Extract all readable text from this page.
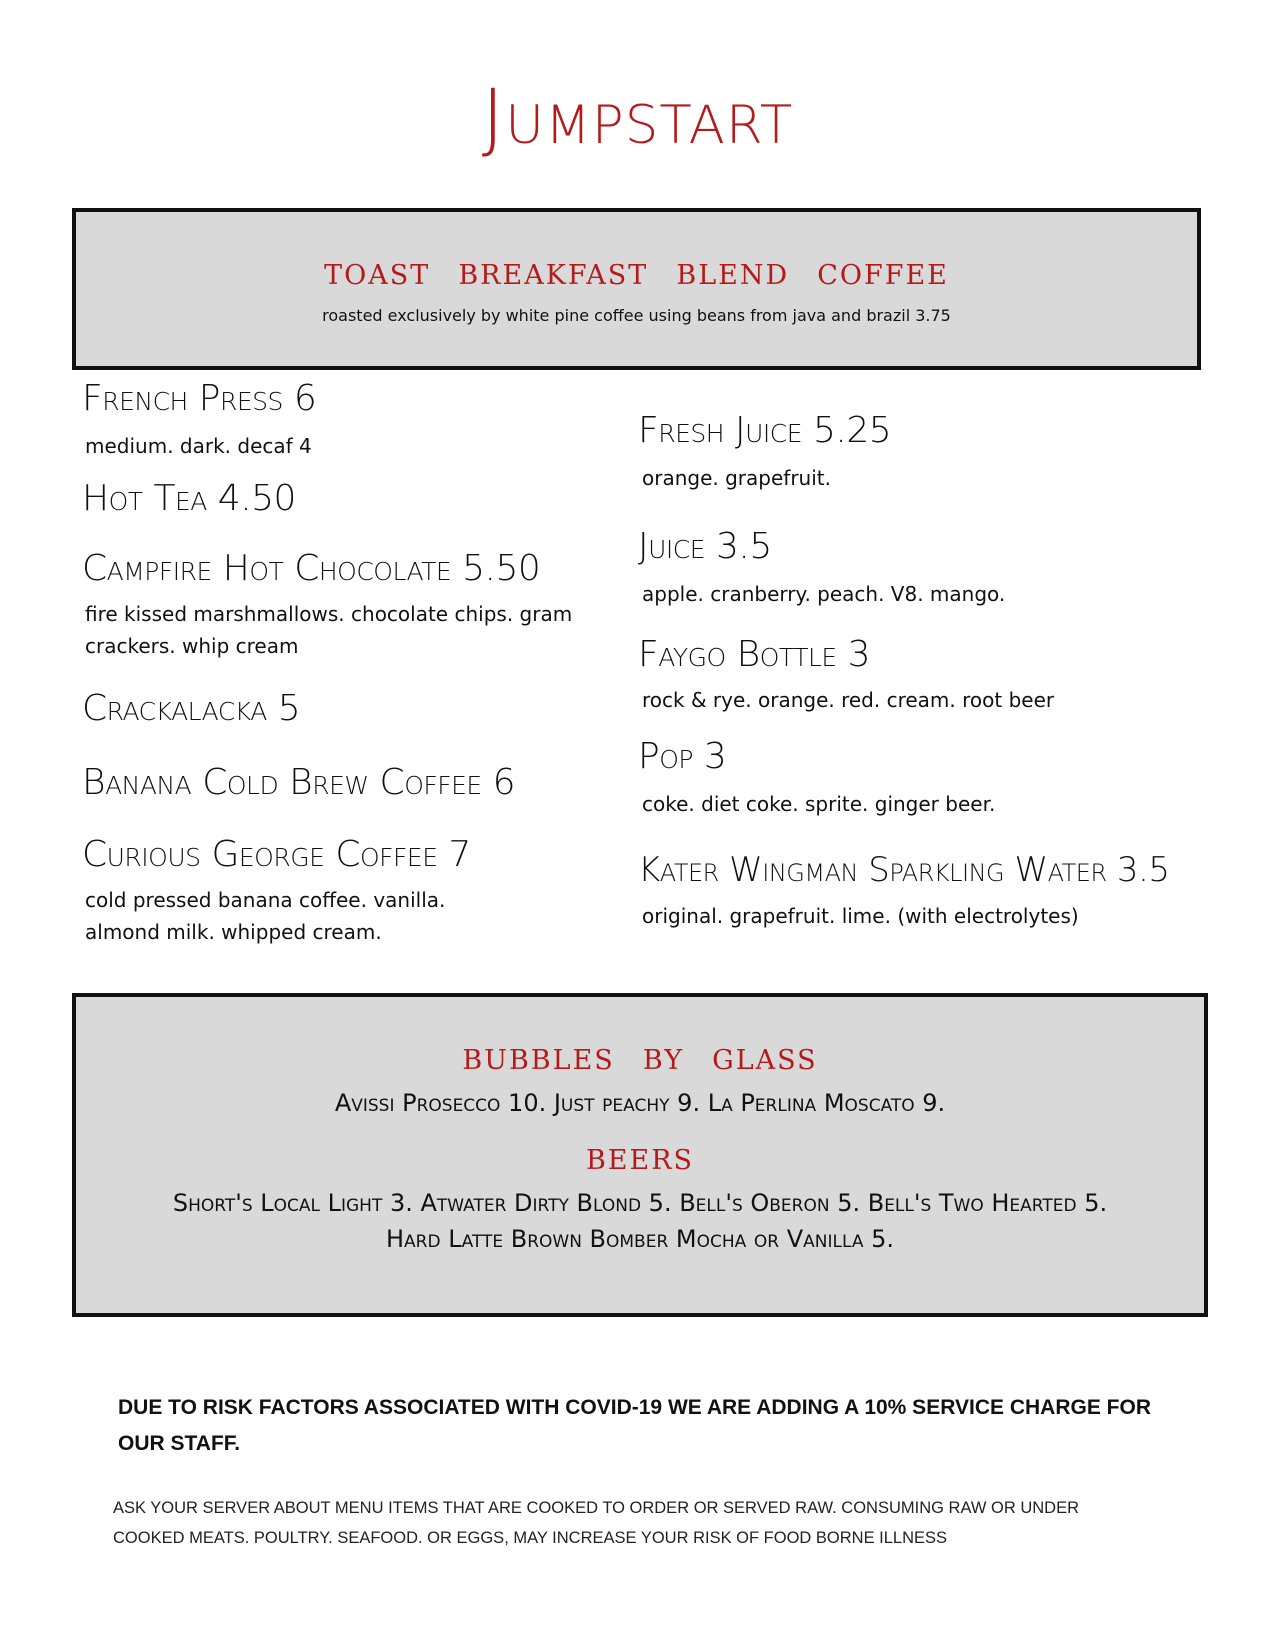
Jumpstart
toast breakfast blend coffee
roasted exclusively by white pine coffee using beans from java and brazil 3.75
French Press 6
medium. dark. decaf 4
Hot Tea 4.50
Campfire Hot Chocolate 5.50
fire kissed marshmallows. chocolate chips. gram
crackers. whip cream
Crackalacka 5
Banana Cold Brew Coffee 6
Curious George Coffee 7
cold pressed banana coffee. vanilla.
almond milk. whipped cream.
Fresh Juice 5.25
orange. grapefruit.
Juice 3.5
apple. cranberry. peach. V8. mango.
Faygo Bottle 3
rock & rye. orange. red. cream. root beer
Pop 3
coke. diet coke. sprite. ginger beer.
Kater Wingman Sparkling Water 3.5
original. grapefruit. lime. (with electrolytes)
bubbles by glass
Avissi Prosecco 10. Just peachy 9. La Perlina Moscato 9.
beers
Short's Local Light 3. Atwater Dirty Blond 5. Bell's Oberon 5. Bell's Two Hearted 5.
Hard Latte Brown Bomber Mocha or Vanilla 5.
DUE TO RISK FACTORS ASSOCIATED WITH COVID-19 WE ARE ADDING A 10% SERVICE CHARGE FOR OUR STAFF.
ASK YOUR SERVER ABOUT MENU ITEMS THAT ARE COOKED TO ORDER OR SERVED RAW. CONSUMING RAW OR UNDER
COOKED MEATS. POULTRY. SEAFOOD. OR EGGS, MAY INCREASE YOUR RISK OF FOOD BORNE ILLNESS
